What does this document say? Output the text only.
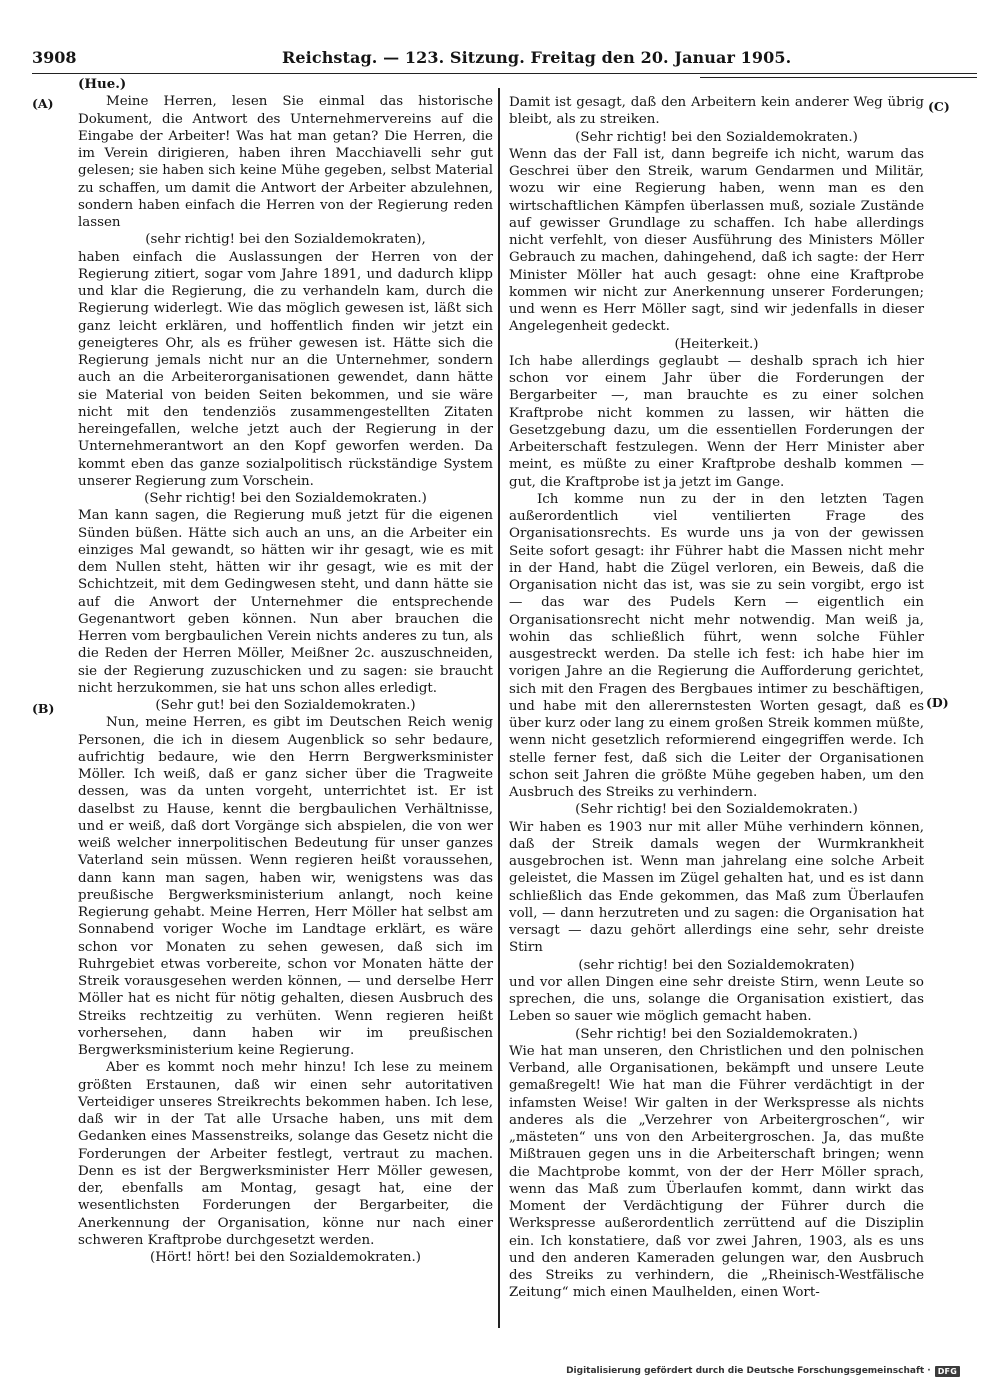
3908	Reichstag. — 123. Sitzung. Freitag den 20. Januar 1905.
(A)
(B)
(C)
(D)

(Hue.)

Meine Herren, lesen Sie einmal das historische Dokument, die Antwort des Unternehmervereins auf die Eingabe der Arbeiter! Was hat man getan? Die Herren, die im Verein dirigieren, haben ihren Macchiavelli sehr gut gelesen; sie haben sich keine Mühe gegeben, selbst Material zu schaffen, um damit die Antwort der Arbeiter abzulehnen, sondern haben einfach die Herren von der Regierung reden lassen

(sehr richtig! bei den Sozialdemokraten),

haben einfach die Auslassungen der Herren von der Regierung zitiert, sogar vom Jahre 1891, und dadurch klipp und klar die Regierung, die zu verhandeln kam, durch die Regierung widerlegt. Wie das möglich gewesen ist, läßt sich ganz leicht erklären, und hoffentlich finden wir jetzt ein geneigteres Ohr, als es früher gewesen ist. Hätte sich die Regierung jemals nicht nur an die Unternehmer, sondern auch an die Arbeiterorganisationen gewendet, dann hätte sie Material von beiden Seiten bekommen, und sie wäre nicht mit den tendenziös zusammengestellten Zitaten hereingefallen, welche jetzt auch der Regierung in der Unternehmerantwort an den Kopf geworfen werden. Da kommt eben das ganze sozialpolitisch rückständige System unserer Regierung zum Vorschein.

(Sehr richtig! bei den Sozialdemokraten.)

Man kann sagen, die Regierung muß jetzt für die eigenen Sünden büßen. Hätte sich auch an uns, an die Arbeiter ein einziges Mal gewandt, so hätten wir ihr gesagt, wie es mit dem Nullen steht, hätten wir ihr gesagt, wie es mit der Schichtzeit, mit dem Gedingwesen steht, und dann hätte sie auf die Anwort der Unternehmer die entsprechende Gegenantwort geben können. Nun aber brauchen die Herren vom bergbaulichen Verein nichts anderes zu tun, als die Reden der Herren Möller, Meißner 2c. auszuschneiden, sie der Regierung zuzuschicken und zu sagen: sie braucht nicht herzukommen, sie hat uns schon alles erledigt.

(Sehr gut! bei den Sozialdemokraten.)

Nun, meine Herren, es gibt im Deutschen Reich wenig Personen, die ich in diesem Augenblick so sehr bedaure, aufrichtig bedaure, wie den Herrn Bergwerksminister Möller. Ich weiß, daß er ganz sicher über die Tragweite dessen, was da unten vorgeht, unterrichtet ist. Er ist daselbst zu Hause, kennt die bergbaulichen Verhältnisse, und er weiß, daß dort Vorgänge sich abspielen, die von wer weiß welcher innerpolitischen Bedeutung für unser ganzes Vaterland sein müssen. Wenn regieren heißt voraussehen, dann kann man sagen, haben wir, wenigstens was das preußische Bergwerksministerium anlangt, noch keine Regierung gehabt. Meine Herren, Herr Möller hat selbst am Sonnabend voriger Woche im Landtage erklärt, es wäre schon vor Monaten zu sehen gewesen, daß sich im Ruhrgebiet etwas vorbereite, schon vor Monaten hätte der Streik vorausgesehen werden können, — und derselbe Herr Möller hat es nicht für nötig gehalten, diesen Ausbruch des Streiks rechtzeitig zu verhüten. Wenn regieren heißt vorhersehen, dann haben wir im preußischen Bergwerksministerium keine Regierung.

Aber es kommt noch mehr hinzu! Ich lese zu meinem größten Erstaunen, daß wir einen sehr autoritativen Verteidiger unseres Streikrechts bekommen haben. Ich lese, daß wir in der Tat alle Ursache haben, uns mit dem Gedanken eines Massenstreiks, solange das Gesetz nicht die Forderungen der Arbeiter festlegt, vertraut zu machen. Denn es ist der Bergwerksminister Herr Möller gewesen, der, ebenfalls am Montag, gesagt hat, eine der wesentlichsten Forderungen der Bergarbeiter, die Anerkennung der Organisation, könne nur nach einer schweren Kraftprobe durchgesetzt werden.

(Hört! hört! bei den Sozialdemokraten.)

Damit ist gesagt, daß den Arbeitern kein anderer Weg übrig bleibt, als zu streiken.

(Sehr richtig! bei den Sozialdemokraten.)

Wenn das der Fall ist, dann begreife ich nicht, warum das Geschrei über den Streik, warum Gendarmen und Militär, wozu wir eine Regierung haben, wenn man es den wirtschaftlichen Kämpfen überlassen muß, soziale Zustände auf gewisser Grundlage zu schaffen. Ich habe allerdings nicht verfehlt, von dieser Ausführung des Ministers Möller Gebrauch zu machen, dahingehend, daß ich sagte: der Herr Minister Möller hat auch gesagt: ohne eine Kraftprobe kommen wir nicht zur Anerkennung unserer Forderungen; und wenn es Herr Möller sagt, sind wir jedenfalls in dieser Angelegenheit gedeckt.

(Heiterkeit.)

Ich habe allerdings geglaubt — deshalb sprach ich hier schon vor einem Jahr über die Forderungen der Bergarbeiter —, man brauchte es zu einer solchen Kraftprobe nicht kommen zu lassen, wir hätten die Gesetzgebung dazu, um die essentiellen Forderungen der Arbeiterschaft festzulegen. Wenn der Herr Minister aber meint, es müßte zu einer Kraftprobe deshalb kommen — gut, die Kraftprobe ist ja jetzt im Gange.

Ich komme nun zu der in den letzten Tagen außerordentlich viel ventilierten Frage des Organisationsrechts. Es wurde uns ja von der gewissen Seite sofort gesagt: ihr Führer habt die Massen nicht mehr in der Hand, habt die Zügel verloren, ein Beweis, daß die Organisation nicht das ist, was sie zu sein vorgibt, ergo ist — das war des Pudels Kern — eigentlich ein Organisationsrecht nicht mehr notwendig. Man weiß ja, wohin das schließlich führt, wenn solche Fühler ausgestreckt werden. Da stelle ich fest: ich habe hier im vorigen Jahre an die Regierung die Aufforderung gerichtet, sich mit den Fragen des Bergbaues intimer zu beschäftigen, und habe mit den allerernstesten Worten gesagt, daß es über kurz oder lang zu einem großen Streik kommen müßte, wenn nicht gesetzlich reformierend eingegriffen werde. Ich stelle ferner fest, daß sich die Leiter der Organisationen schon seit Jahren die größte Mühe gegeben haben, um den Ausbruch des Streiks zu verhindern.

(Sehr richtig! bei den Sozialdemokraten.)

Wir haben es 1903 nur mit aller Mühe verhindern können, daß der Streik damals wegen der Wurmkrankheit ausgebrochen ist. Wenn man jahrelang eine solche Arbeit geleistet, die Massen im Zügel gehalten hat, und es ist dann schließlich das Ende gekommen, das Maß zum Überlaufen voll, — dann herzutreten und zu sagen: die Organisation hat versagt — dazu gehört allerdings eine sehr, sehr dreiste Stirn

(sehr richtig! bei den Sozialdemokraten)

und vor allen Dingen eine sehr dreiste Stirn, wenn Leute so sprechen, die uns, solange die Organisation existiert, das Leben so sauer wie möglich gemacht haben.

(Sehr richtig! bei den Sozialdemokraten.)

Wie hat man unseren, den Christlichen und den polnischen Verband, alle Organisationen, bekämpft und unsere Leute gemaßregelt! Wie hat man die Führer verdächtigt in der infamsten Weise! Wir galten in der Werkspresse als nichts anderes als die „Verzehrer von Arbeitergroschen“, wir „mästeten“ uns von den Arbeitergroschen. Ja, das mußte Mißtrauen gegen uns in die Arbeiterschaft bringen; wenn die Machtprobe kommt, von der der Herr Möller sprach, wenn das Maß zum Überlaufen kommt, dann wirkt das Moment der Verdächtigung der Führer durch die Werkspresse außerordentlich zerrüttend auf die Disziplin ein. Ich konstatiere, daß vor zwei Jahren, 1903, als es uns und den anderen Kameraden gelungen war, den Ausbruch des Streiks zu verhindern, die „Rheinisch-Westfälische Zeitung“ mich einen Maulhelden, einen Wort-

Digitalisierung gefördert durch die Deutsche Forschungsgemeinschaft · DFG
